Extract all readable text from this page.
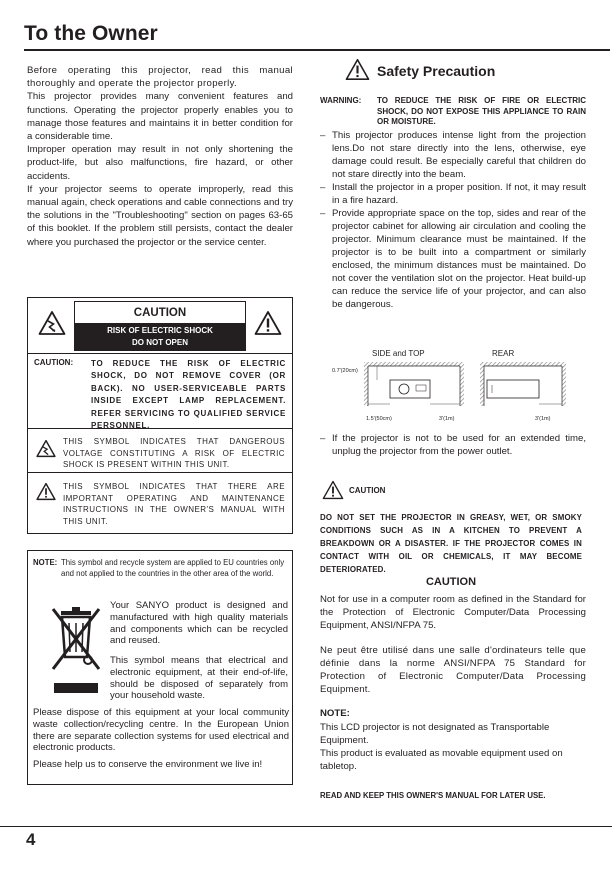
To the Owner

Before operating this projector, read this manual thoroughly and operate the projector properly.

This projector provides many convenient features and functions. Operating the projector properly enables you to manage those features and maintains it in better condition for a considerable time.

Improper operation may result in not only shortening the product-life, but also malfunctions, fire hazard, or other accidents.

If your projector seems to operate improperly, read this manual again, check operations and cable connections and try the solutions in the "Troubleshooting" section on pages 63-65 of this booklet. If the problem still persists, contact the dealer where you purchased the projector or the service center.

CAUTION
RISK OF ELECTRIC SHOCK
DO NOT OPEN
CAUTION: TO REDUCE THE RISK OF ELECTRIC SHOCK, DO NOT REMOVE COVER (OR BACK). NO USER-SERVICEABLE PARTS INSIDE EXCEPT LAMP REPLACEMENT. REFER SERVICING TO QUALIFIED SERVICE PERSONNEL.
THIS SYMBOL INDICATES THAT DANGEROUS VOLTAGE CONSTITUTING A RISK OF ELECTRIC SHOCK IS PRESENT WITHIN THIS UNIT.
THIS SYMBOL INDICATES THAT THERE ARE IMPORTANT OPERATING AND MAINTENANCE INSTRUCTIONS IN THE OWNER'S MANUAL WITH THIS UNIT.
NOTE: This symbol and recycle system are applied to EU countries only and not applied to the countries in the other area of the world.
Your SANYO product is designed and manufactured with high quality materials and components which can be recycled and reused.
This symbol means that electrical and electronic equipment, at their end-of-life, should be disposed of separately from your household waste.
Please dispose of this equipment at your local community waste collection/recycling centre. In the European Union there are separate collection systems for used electrical and electronic products.
Please help us to conserve the environment we live in!
Safety Precaution
WARNING: TO REDUCE THE RISK OF FIRE OR ELECTRIC SHOCK, DO NOT EXPOSE THIS APPLIANCE TO RAIN OR MOISTURE.
– This projector produces intense light from the projection lens.Do not stare directly into the lens, otherwise, eye damage could result. Be especially careful that children do not stare directly into the beam.
– Install the projector in a proper position. If not, it may result in a fire hazard.
– Provide appropriate space on the top, sides and rear of the projector cabinet for allowing air circulation and cooling the projector. Minimum clearance must be maintained. If the projector is to be built into a compartment or similarly enclosed, the minimum distances must be maintained. Do not cover the ventilation slot on the projector. Heat build-up can reduce the service life of your projector, and can also be dangerous.
SIDE and TOP	REAR
0.7'(20cm)
1.5'(50cm)	3'(1m)	3'(1m)
– If the projector is not to be used for an extended time, unplug the projector from the power outlet.
CAUTION
DO NOT SET THE PROJECTOR IN GREASY, WET, OR SMOKY CONDITIONS SUCH AS IN A KITCHEN TO PREVENT A BREAKDOWN OR A DISASTER. IF THE PROJECTOR COMES IN CONTACT WITH OIL OR CHEMICALS, IT MAY BECOME DETERIORATED.
CAUTION
Not for use in a computer room as defined in the Standard for the Protection of Electronic Computer/Data Processing Equipment, ANSI/NFPA 75.
Ne peut être utilisé dans une salle d'ordinateurs telle que définie dans la norme ANSI/NFPA 75 Standard for Protection of Electronic Computer/Data Processing Equipment.
NOTE:
This LCD projector is not designated as Transportable Equipment.
This product is evaluated as movable equipment used on tabletop.
READ AND KEEP THIS OWNER'S MANUAL FOR LATER USE.
4
